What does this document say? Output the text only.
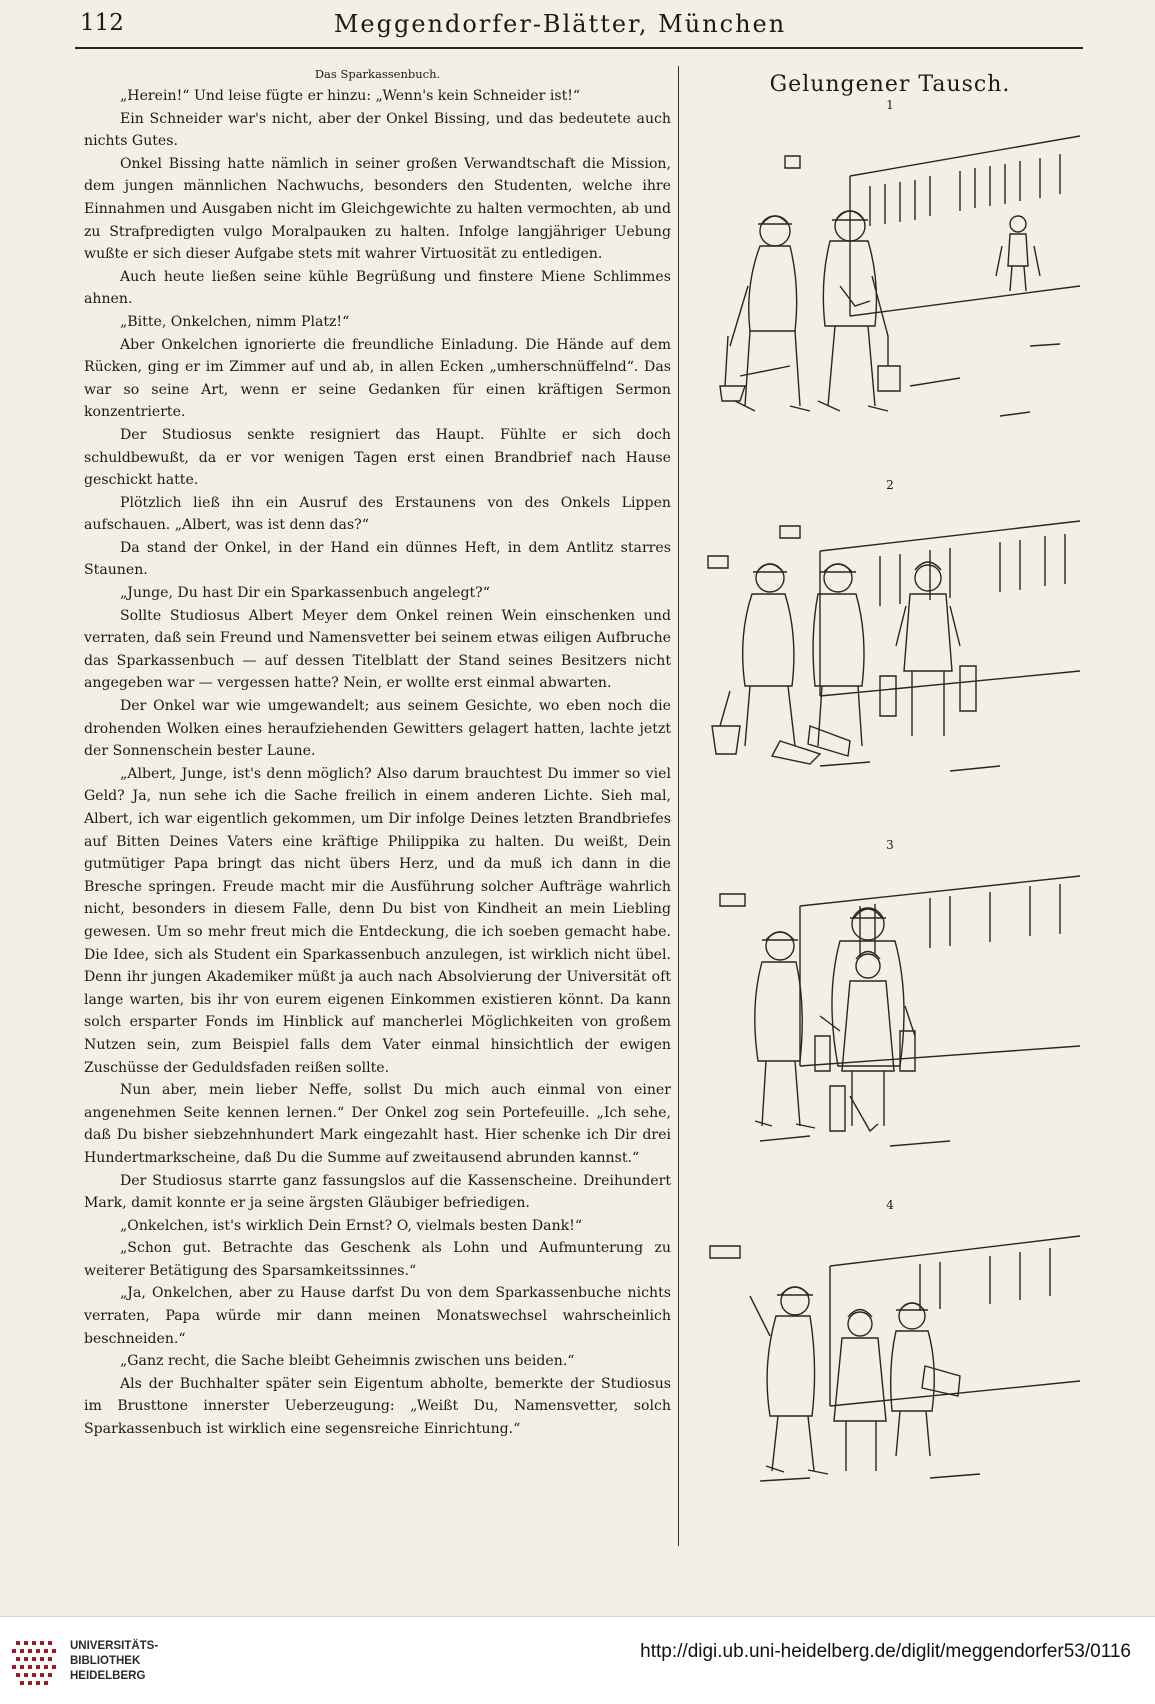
112	Meggendorfer-Blätter, München
Das Sparkassenbuch.

„Herein!“ Und leise fügte er hinzu: „Wenn's kein Schneider ist!“

Ein Schneider war's nicht, aber der Onkel Bissing, und das bedeutete auch nichts Gutes.

Onkel Bissing hatte nämlich in seiner großen Verwandtschaft die Mission, dem jungen männlichen Nachwuchs, besonders den Studenten, welche ihre Einnahmen und Ausgaben nicht im Gleichgewichte zu halten vermochten, ab und zu Strafpredigten vulgo Moralpauken zu halten. Infolge langjähriger Uebung wußte er sich dieser Aufgabe stets mit wahrer Virtuosität zu entledigen.

Auch heute ließen seine kühle Begrüßung und finstere Miene Schlimmes ahnen.

„Bitte, Onkelchen, nimm Platz!“

Aber Onkelchen ignorierte die freundliche Einladung. Die Hände auf dem Rücken, ging er im Zimmer auf und ab, in allen Ecken „umherschnüffelnd“. Das war so seine Art, wenn er seine Gedanken für einen kräftigen Sermon konzentrierte.

Der Studiosus senkte resigniert das Haupt. Fühlte er sich doch schuldbewußt, da er vor wenigen Tagen erst einen Brandbrief nach Hause geschickt hatte.

Plötzlich ließ ihn ein Ausruf des Erstaunens von des Onkels Lippen aufschauen. „Albert, was ist denn das?“

Da stand der Onkel, in der Hand ein dünnes Heft, in dem Antlitz starres Staunen.

„Junge, Du hast Dir ein Sparkassenbuch angelegt?“

Sollte Studiosus Albert Meyer dem Onkel reinen Wein einschenken und verraten, daß sein Freund und Namensvetter bei seinem etwas eiligen Aufbruche das Sparkassenbuch — auf dessen Titelblatt der Stand seines Besitzers nicht angegeben war — vergessen hatte? Nein, er wollte erst einmal abwarten.

Der Onkel war wie umgewandelt; aus seinem Gesichte, wo eben noch die drohenden Wolken eines heraufziehenden Gewitters gelagert hatten, lachte jetzt der Sonnenschein bester Laune.

„Albert, Junge, ist's denn möglich? Also darum brauchtest Du immer so viel Geld? Ja, nun sehe ich die Sache freilich in einem anderen Lichte. Sieh mal, Albert, ich war eigentlich gekommen, um Dir infolge Deines letzten Brandbriefes auf Bitten Deines Vaters eine kräftige Philippika zu halten. Du weißt, Dein gutmütiger Papa bringt das nicht übers Herz, und da muß ich dann in die Bresche springen. Freude macht mir die Ausführung solcher Aufträge wahrlich nicht, besonders in diesem Falle, denn Du bist von Kindheit an mein Liebling gewesen. Um so mehr freut mich die Entdeckung, die ich soeben gemacht habe. Die Idee, sich als Student ein Sparkassenbuch anzulegen, ist wirklich nicht übel. Denn ihr jungen Akademiker müßt ja auch nach Absolvierung der Universität oft lange warten, bis ihr von eurem eigenen Einkommen existieren könnt. Da kann solch ersparter Fonds im Hinblick auf mancherlei Möglichkeiten von großem Nutzen sein, zum Beispiel falls dem Vater einmal hinsichtlich der ewigen Zuschüsse der Geduldsfaden reißen sollte.

Nun aber, mein lieber Neffe, sollst Du mich auch einmal von einer angenehmen Seite kennen lernen.“ Der Onkel zog sein Portefeuille. „Ich sehe, daß Du bisher siebzehnhundert Mark eingezahlt hast. Hier schenke ich Dir drei Hundertmarkscheine, daß Du die Summe auf zweitausend abrunden kannst.“

Der Studiosus starrte ganz fassungslos auf die Kassenscheine. Dreihundert Mark, damit konnte er ja seine ärgsten Gläubiger befriedigen.

„Onkelchen, ist's wirklich Dein Ernst? O, vielmals besten Dank!“

„Schon gut. Betrachte das Geschenk als Lohn und Aufmunterung zu weiterer Betätigung des Sparsamkeitssinnes.“

„Ja, Onkelchen, aber zu Hause darfst Du von dem Sparkassenbuche nichts verraten, Papa würde mir dann meinen Monatswechsel wahrscheinlich beschneiden.“

„Ganz recht, die Sache bleibt Geheimnis zwischen uns beiden.“

Als der Buchhalter später sein Eigentum abholte, bemerkte der Studiosus im Brusttone innerster Ueberzeugung: „Weißt Du, Namensvetter, solch Sparkassenbuch ist wirklich eine segensreiche Einrichtung.“

Gelungener Tausch.
1
2
3
4
UNIVERSITÄTS-
BIBLIOTHEK
HEIDELBERG
http://digi.ub.uni-heidelberg.de/diglit/meggendorfer53/0116
